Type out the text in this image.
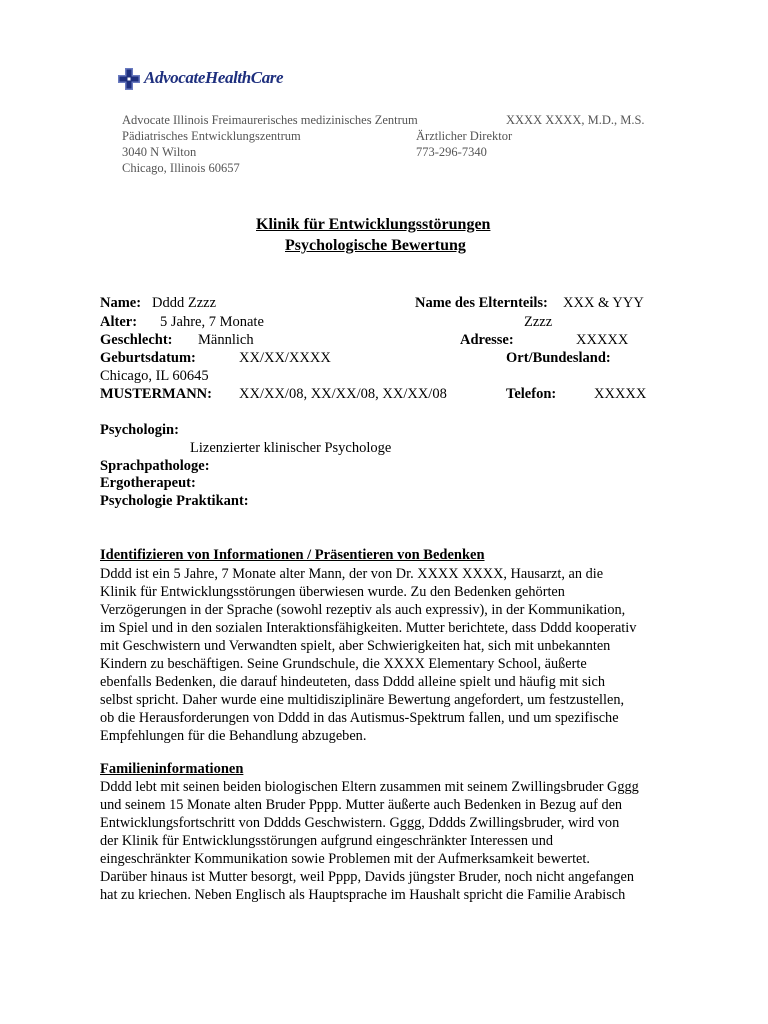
AdvocateHealthCare
Advocate Illinois Freimaurerisches medizinisches Zentrum
Pädiatrisches Entwicklungszentrum
3040 N Wilton
Chicago, Illinois 60657
XXXX XXXX, M.D., M.S.
Ärztlicher Direktor
773-296-7340
Klinik für Entwicklungsstörungen
Psychologische Bewertung
Name: Dddd Zzzz	Name des Elternteils: XXX & YYY
Alter: 5 Jahre, 7 Monate	Zzzz
Geschlecht: Männlich	Adresse:	XXXXX
Geburtsdatum:	XX/XX/XXXX	Ort/Bundesland:
Chicago, IL 60645
MUSTERMANN: XX/XX/08, XX/XX/08, XX/XX/08	Telefon:	XXXXX
Psychologin:
Lizenzierter klinischer Psychologe
Sprachpathologe:
Ergotherapeut:
Psychologie Praktikant:
Identifizieren von Informationen / Präsentieren von Bedenken
Dddd ist ein 5 Jahre, 7 Monate alter Mann, der von Dr. XXXX XXXX, Hausarzt, an die
Klinik für Entwicklungsstörungen überwiesen wurde. Zu den Bedenken gehörten
Verzögerungen in der Sprache (sowohl rezeptiv als auch expressiv), in der Kommunikation,
im Spiel und in den sozialen Interaktionsfähigkeiten. Mutter berichtete, dass Dddd kooperativ
mit Geschwistern und Verwandten spielt, aber Schwierigkeiten hat, sich mit unbekannten
Kindern zu beschäftigen. Seine Grundschule, die XXXX Elementary School, äußerte
ebenfalls Bedenken, die darauf hindeuteten, dass Dddd alleine spielt und häufig mit sich
selbst spricht. Daher wurde eine multidisziplinäre Bewertung angefordert, um festzustellen,
ob die Herausforderungen von Dddd in das Autismus-Spektrum fallen, und um spezifische
Empfehlungen für die Behandlung abzugeben.
Familieninformationen
Dddd lebt mit seinen beiden biologischen Eltern zusammen mit seinem Zwillingsbruder Gggg
und seinem 15 Monate alten Bruder Pppp. Mutter äußerte auch Bedenken in Bezug auf den
Entwicklungsfortschritt von Dddds Geschwistern. Gggg, Dddds Zwillingsbruder, wird von
der Klinik für Entwicklungsstörungen aufgrund eingeschränkter Interessen und
eingeschränkter Kommunikation sowie Problemen mit der Aufmerksamkeit bewertet.
Darüber hinaus ist Mutter besorgt, weil Pppp, Davids jüngster Bruder, noch nicht angefangen
hat zu kriechen. Neben Englisch als Hauptsprache im Haushalt spricht die Familie Arabisch
